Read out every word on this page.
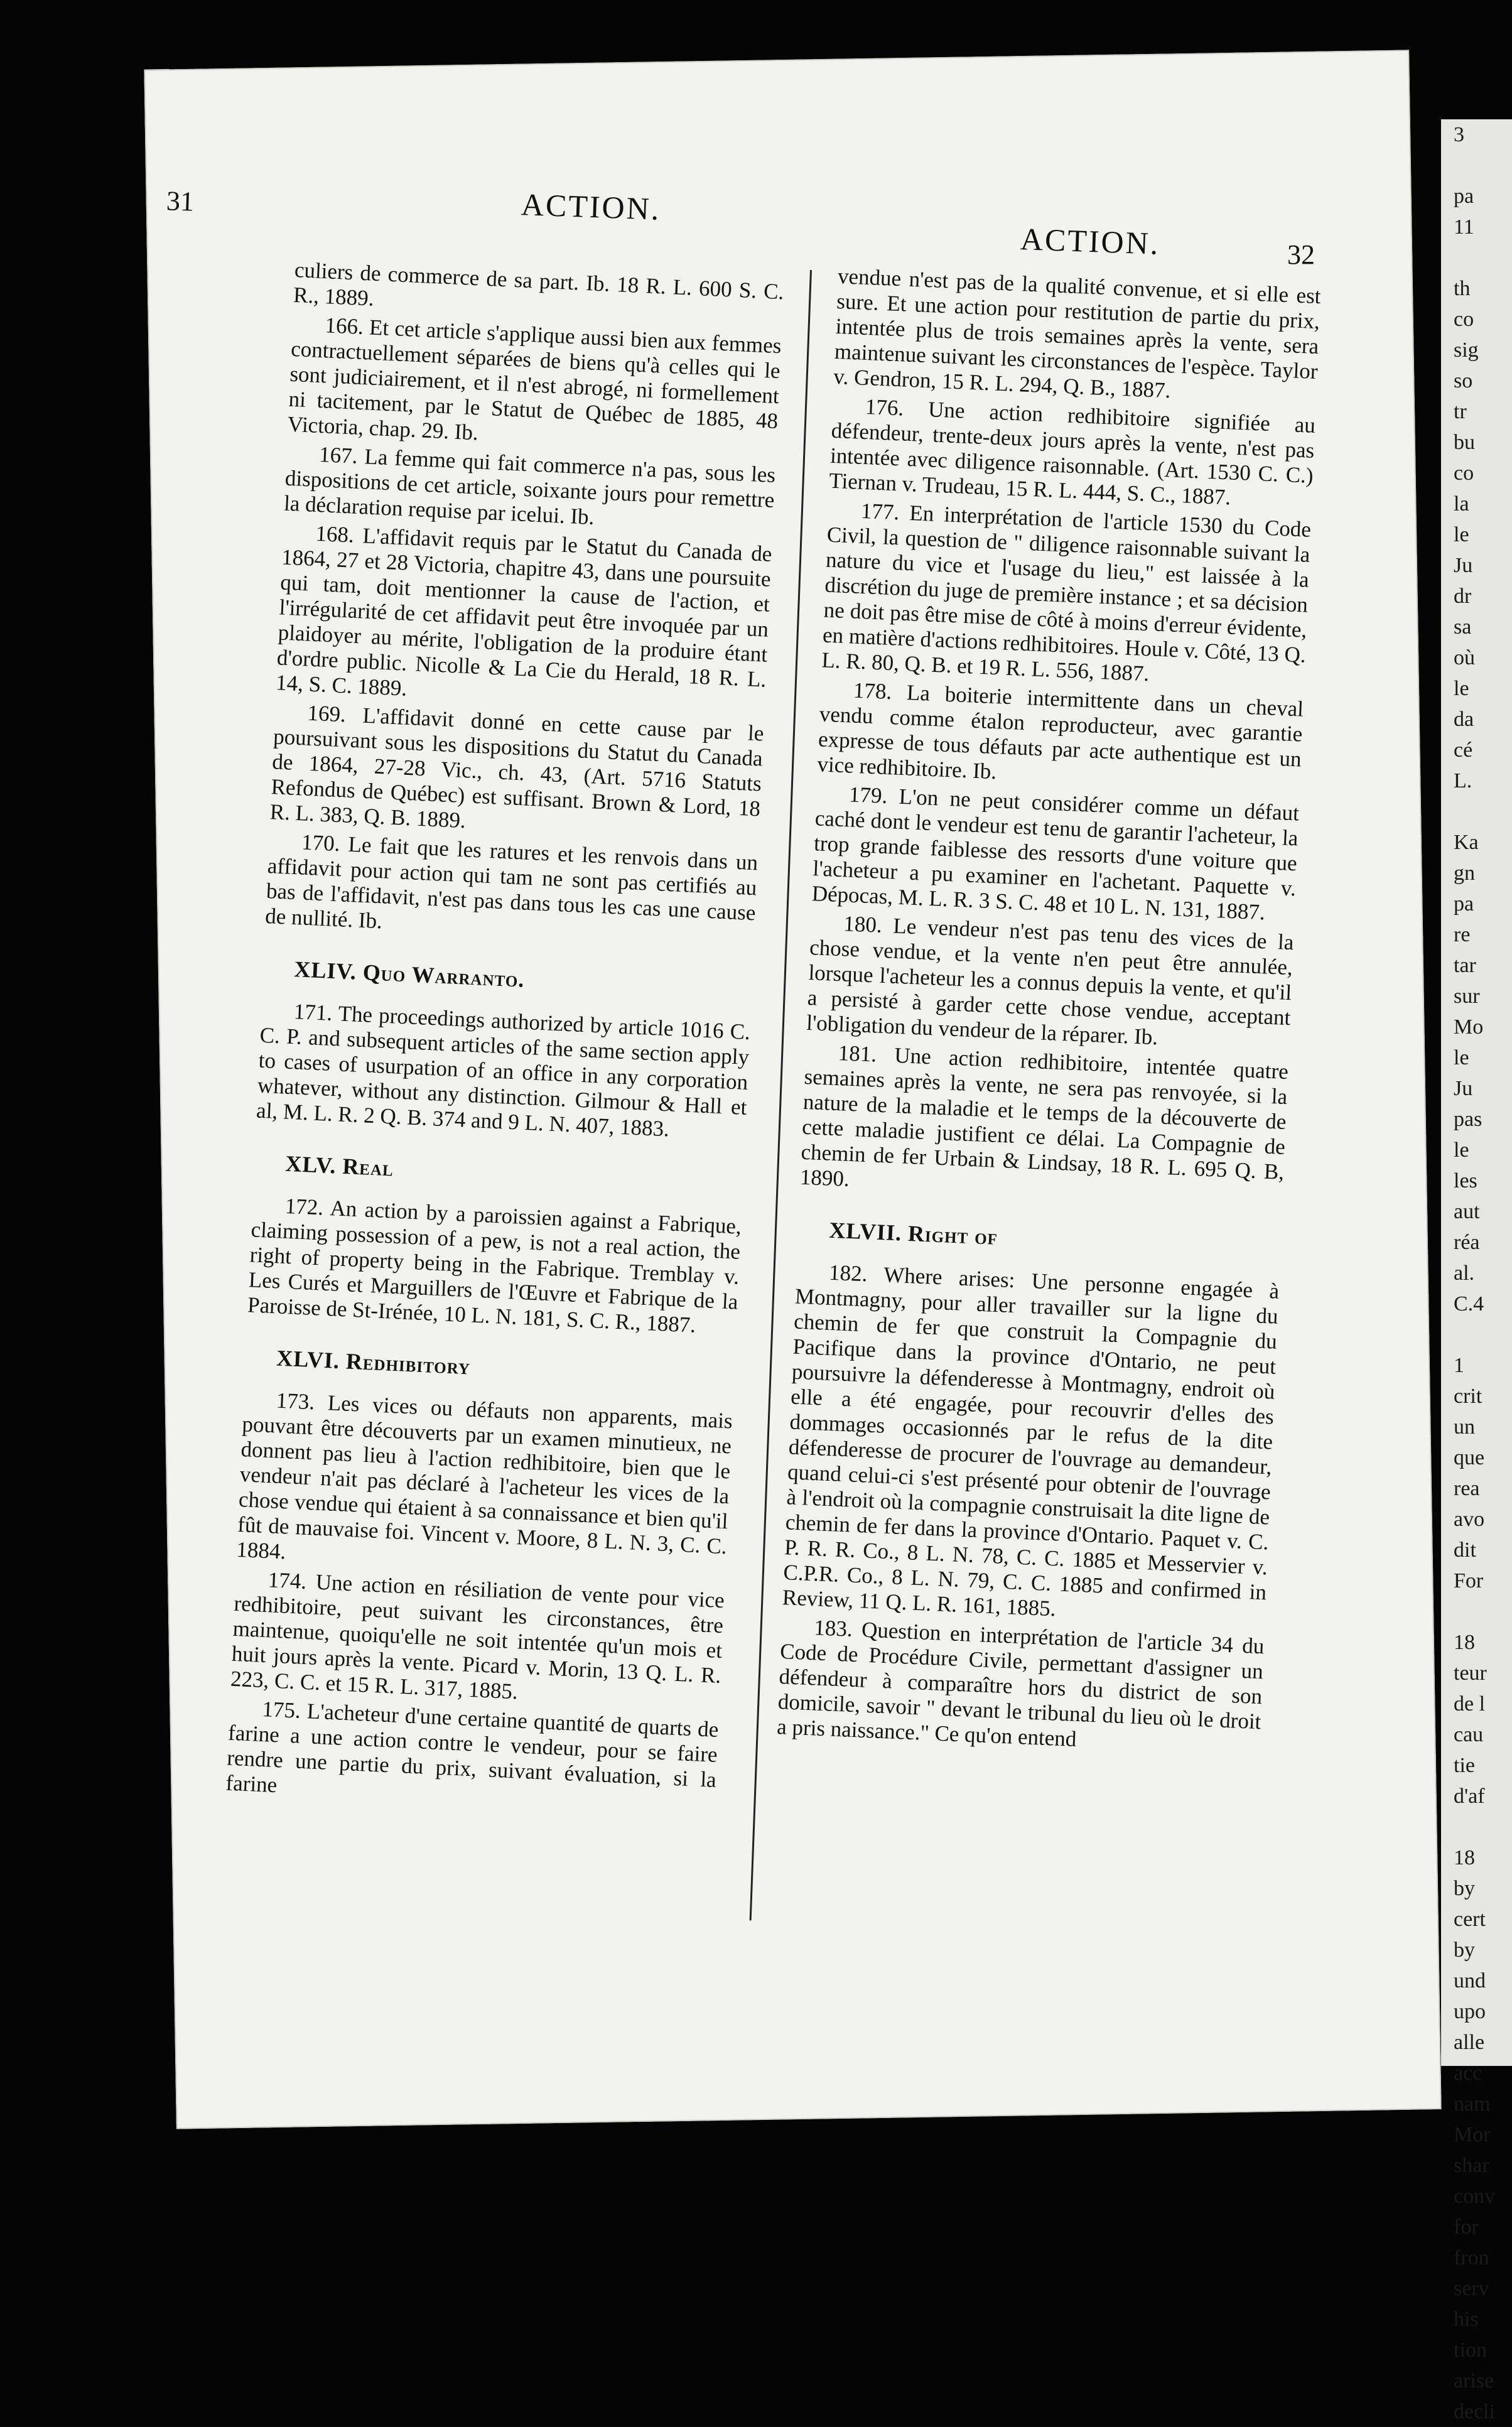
31	ACTION.
ACTION.	32

culiers de commerce de sa part. Ib. 18 R. L. 600 S. C. R., 1889.

166. Et cet article s'applique aussi bien aux femmes contractuellement séparées de biens qu'à celles qui le sont judiciairement, et il n'est abrogé, ni formellement ni tacitement, par le Statut de Québec de 1885, 48 Victoria, chap. 29. Ib.

167. La femme qui fait commerce n'a pas, sous les dispositions de cet article, soixante jours pour remettre la déclaration requise par icelui. Ib.

168. L'affidavit requis par le Statut du Canada de 1864, 27 et 28 Victoria, chapitre 43, dans une poursuite qui tam, doit mentionner la cause de l'action, et l'irrégularité de cet affidavit peut être invoquée par un plaidoyer au mérite, l'obligation de la produire étant d'ordre public. Nicolle & La Cie du Herald, 18 R. L. 14, S. C. 1889.

169. L'affidavit donné en cette cause par le poursuivant sous les dispositions du Statut du Canada de 1864, 27-28 Vic., ch. 43, (Art. 5716 Statuts Refondus de Québec) est suffisant. Brown & Lord, 18 R. L. 383, Q. B. 1889.

170. Le fait que les ratures et les renvois dans un affidavit pour action qui tam ne sont pas certifiés au bas de l'affidavit, n'est pas dans tous les cas une cause de nullité. Ib.

XLIV. Quo Warranto.

171. The proceedings authorized by article 1016 C. C. P. and subsequent articles of the same section apply to cases of usurpation of an office in any corporation whatever, without any distinction. Gilmour & Hall et al, M. L. R. 2 Q. B. 374 and 9 L. N. 407, 1883.

XLV. Real

172. An action by a paroissien against a Fabrique, claiming possession of a pew, is not a real action, the right of property being in the Fabrique. Tremblay v. Les Curés et Marguillers de l'Œuvre et Fabrique de la Paroisse de St-Irénée, 10 L. N. 181, S. C. R., 1887.

XLVI. Redhibitory

173. Les vices ou défauts non apparents, mais pouvant être découverts par un examen minutieux, ne donnent pas lieu à l'action redhibitoire, bien que le vendeur n'ait pas déclaré à l'acheteur les vices de la chose vendue qui étaient à sa connaissance et bien qu'il fût de mauvaise foi. Vincent v. Moore, 8 L. N. 3, C. C. 1884.

174. Une action en résiliation de vente pour vice redhibitoire, peut suivant les circonstances, être maintenue, quoiqu'elle ne soit intentée qu'un mois et huit jours après la vente. Picard v. Morin, 13 Q. L. R. 223, C. C. et 15 R. L. 317, 1885.

175. L'acheteur d'une certaine quantité de quarts de farine a une action contre le vendeur, pour se faire rendre une partie du prix, suivant évaluation, si la farine

vendue n'est pas de la qualité convenue, et si elle est sure. Et une action pour restitution de partie du prix, intentée plus de trois semaines après la vente, sera maintenue suivant les circonstances de l'espèce. Taylor v. Gendron, 15 R. L. 294, Q. B., 1887.

176. Une action redhibitoire signifiée au défendeur, trente-deux jours après la vente, n'est pas intentée avec diligence raisonnable. (Art. 1530 C. C.) Tiernan v. Trudeau, 15 R. L. 444, S. C., 1887.

177. En interprétation de l'article 1530 du Code Civil, la question de " diligence raisonnable suivant la nature du vice et l'usage du lieu," est laissée à la discrétion du juge de première instance ; et sa décision ne doit pas être mise de côté à moins d'erreur évidente, en matière d'actions redhibitoires. Houle v. Côté, 13 Q. L. R. 80, Q. B. et 19 R. L. 556, 1887.

178. La boiterie intermittente dans un cheval vendu comme étalon reproducteur, avec garantie expresse de tous défauts par acte authentique est un vice redhibitoire. Ib.

179. L'on ne peut considérer comme un défaut caché dont le vendeur est tenu de garantir l'acheteur, la trop grande faiblesse des ressorts d'une voiture que l'acheteur a pu examiner en l'achetant. Paquette v. Dépocas, M. L. R. 3 S. C. 48 et 10 L. N. 131, 1887.

180. Le vendeur n'est pas tenu des vices de la chose vendue, et la vente n'en peut être annulée, lorsque l'acheteur les a connus depuis la vente, et qu'il a persisté à garder cette chose vendue, acceptant l'obligation du vendeur de la réparer. Ib.

181. Une action redhibitoire, intentée quatre semaines après la vente, ne sera pas renvoyée, si la nature de la maladie et le temps de la découverte de cette maladie justifient ce délai. La Compagnie de chemin de fer Urbain & Lindsay, 18 R. L. 695 Q. B, 1890.

XLVII. Right of

182. Where arises: Une personne engagée à Montmagny, pour aller travailler sur la ligne du chemin de fer que construit la Compagnie du Pacifique dans la province d'Ontario, ne peut poursuivre la défenderesse à Montmagny, endroit où elle a été engagée, pour recouvrir d'elles des dommages occasionnés par le refus de la dite défenderesse de procurer de l'ouvrage au demandeur, quand celui-ci s'est présenté pour obtenir de l'ouvrage à l'endroit où la compagnie construisait la dite ligne de chemin de fer dans la province d'Ontario. Paquet v. C. P. R. R. Co., 8 L. N. 78, C. C. 1885 et Messervier v. C.P.R. Co., 8 L. N. 79, C. C. 1885 and confirmed in Review, 11 Q. L. R. 161, 1885.

183. Question en interprétation de l'article 34 du Code de Procédure Civile, permettant d'assigner un défendeur à comparaître hors du district de son domicile, savoir " devant le tribunal du lieu où le droit a pris naissance." Ce qu'on entend

3

pa
11

th
co
sig
so
tr
bu
co
la
le
Ju
dr
sa
où
le
da
cé
L.

Ka
gn
pa
re
tar
sur
Mo
le
Ju
pas
le
les
aut
réa
al.
C.4

1
crit
un
que
rea
avo
dit
For

18
teur
de l
cau
tie
d'af

18
by
cert
by
und
upo
alle
acc
nam
Mor
shar
conv
for
fron
serv
his
tion
arise
decli
